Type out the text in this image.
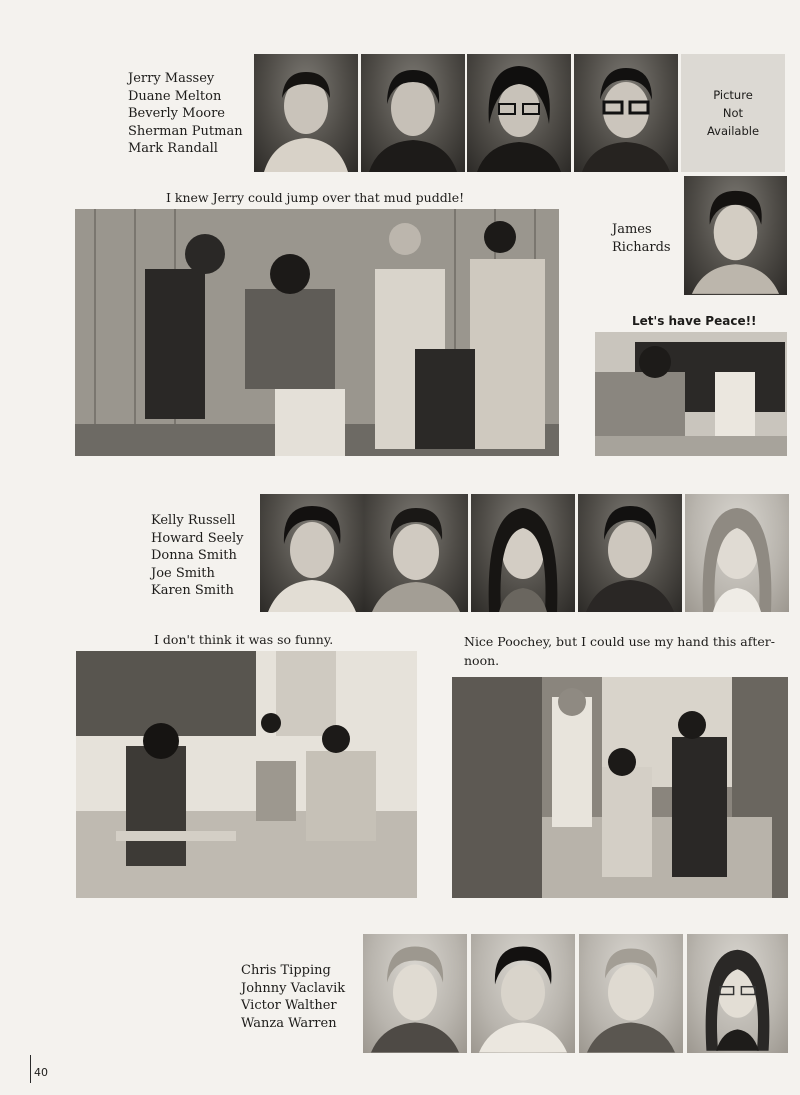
Jerry Massey
Duane Melton
Beverly Moore
Sherman Putman
Mark Randall
Picture
Not
Available
I knew Jerry could jump over that mud puddle!
James
Richards
Let's have Peace!!
Kelly Russell
Howard Seely
Donna Smith
Joe Smith
Karen Smith
I don't think it was so funny.	Nice Poochey, but I could use my hand this after-
noon.
Chris Tipping
Johnny Vaclavik
Victor Walther
Wanza Warren
40
